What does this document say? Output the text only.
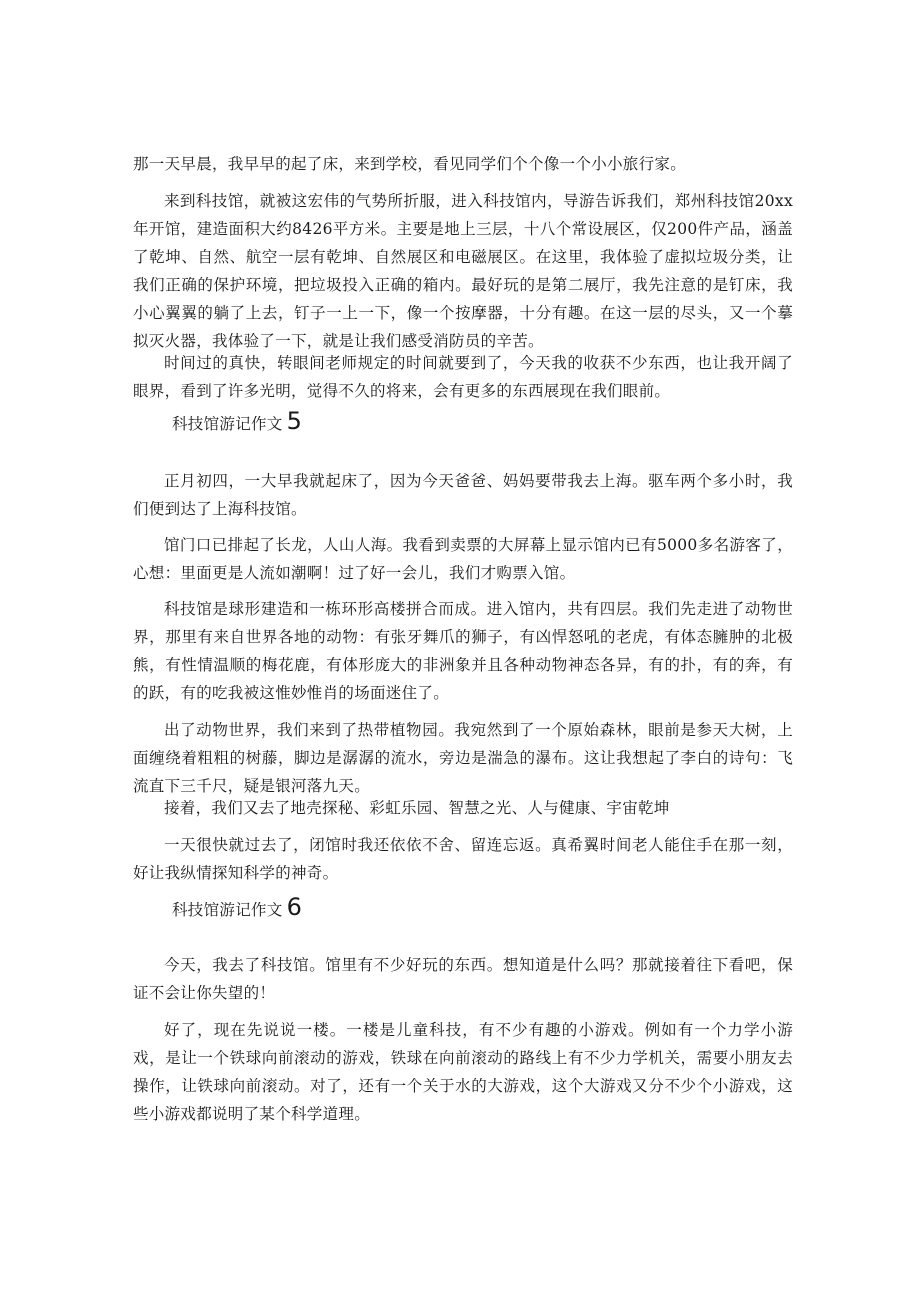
那一天早晨，我早早的起了床，来到学校，看见同学们个个像一个小小旅行家。

来到科技馆，就被这宏伟的气势所折服，进入科技馆内，导游告诉我们，郑州科技馆20xx年开馆，建造面积大约8426平方米。主要是地上三层，十八个常设展区，仅200件产品，涵盖了乾坤、自然、航空一层有乾坤、自然展区和电磁展区。在这里，我体验了虚拟垃圾分类，让我们正确的保护环境，把垃圾投入正确的箱内。最好玩的是第二展厅，我先注意的是钉床，我小心翼翼的躺了上去，钉子一上一下，像一个按摩器，十分有趣。在这一层的尽头，又一个摹拟灭火器，我体验了一下，就是让我们感受消防员的辛苦。

时间过的真快，转眼间老师规定的时间就要到了，今天我的收获不少东西，也让我开阔了眼界，看到了许多光明，觉得不久的将来，会有更多的东西展现在我们眼前。

科技馆游记作文 5

正月初四，一大早我就起床了，因为今天爸爸、妈妈要带我去上海。驱车两个多小时，我们便到达了上海科技馆。

馆门口已排起了长龙，人山人海。我看到卖票的大屏幕上显示馆内已有5000多名游客了，心想：里面更是人流如潮啊！过了好一会儿，我们才购票入馆。

科技馆是球形建造和一栋环形高楼拼合而成。进入馆内，共有四层。我们先走进了动物世界，那里有来自世界各地的动物：有张牙舞爪的狮子，有凶悍怒吼的老虎，有体态臃肿的北极熊，有性情温顺的梅花鹿，有体形庞大的非洲象并且各种动物神态各异，有的扑，有的奔，有的跃，有的吃我被这惟妙惟肖的场面迷住了。

出了动物世界，我们来到了热带植物园。我宛然到了一个原始森林，眼前是参天大树，上面缠绕着粗粗的树藤，脚边是潺潺的流水，旁边是湍急的瀑布。这让我想起了李白的诗句：飞流直下三千尺，疑是银河落九天。

接着，我们又去了地壳探秘、彩虹乐园、智慧之光、人与健康、宇宙乾坤

一天很快就过去了，闭馆时我还依依不舍、留连忘返。真希翼时间老人能住手在那一刻，好让我纵情探知科学的神奇。

科技馆游记作文 6

今天，我去了科技馆。馆里有不少好玩的东西。想知道是什么吗？那就接着往下看吧，保证不会让你失望的！

好了，现在先说说一楼。一楼是儿童科技，有不少有趣的小游戏。例如有一个力学小游戏，是让一个铁球向前滚动的游戏，铁球在向前滚动的路线上有不少力学机关，需要小朋友去操作，让铁球向前滚动。对了，还有一个关于水的大游戏，这个大游戏又分不少个小游戏，这些小游戏都说明了某个科学道理。
